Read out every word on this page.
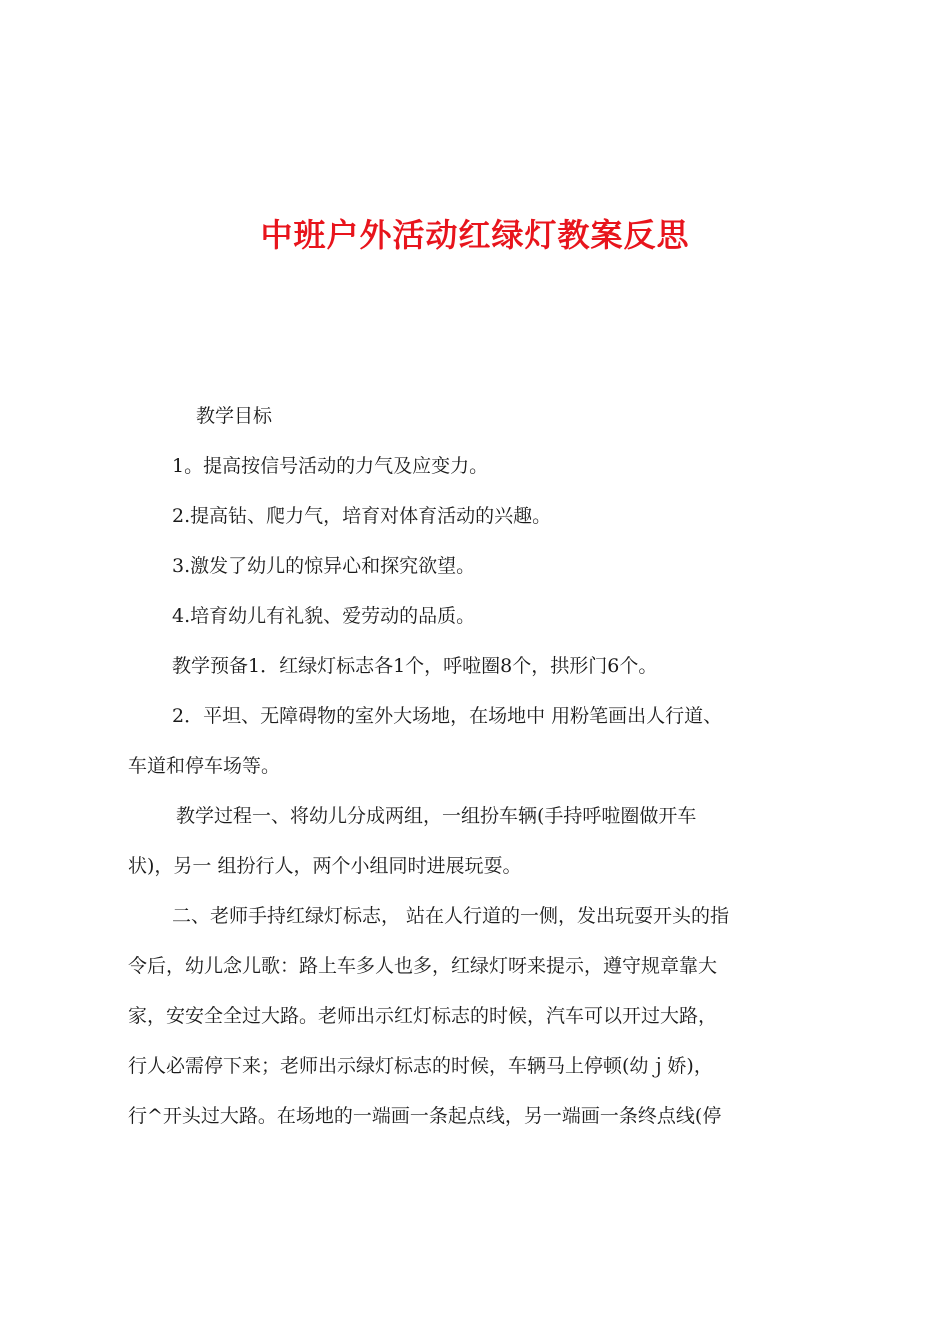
中班户外活动红绿灯教案反思
教学目标
1。提高按信号活动的力气及应变力。
2.提高钻、爬力气，培育对体育活动的兴趣。
3.激发了幼儿的惊异心和探究欲望。
4.培育幼儿有礼貌、爱劳动的品质。
教学预备1．红绿灯标志各1个，呼啦圈8个，拱形门6个。
2．平坦、无障碍物的室外大场地，在场地中 用粉笔画出人行道、
车道和停车场等。
教学过程一、将幼儿分成两组，一组扮车辆(手持呼啦圈做开车
状)，另一 组扮行人，两个小组同时进展玩耍。
二、老师手持红绿灯标志， 站在人行道的一侧，发出玩耍开头的指
令后，幼儿念儿歌：路上车多人也多，红绿灯呀来提示，遵守规章靠大
家，安安全全过大路。老师出示红灯标志的时候，汽车可以开过大路，
行人必需停下来；老师出示绿灯标志的时候，车辆马上停顿(幼ｊ娇)，
行^开头过大路。在场地的一端画一条起点线，另一端画一条终点线(停
